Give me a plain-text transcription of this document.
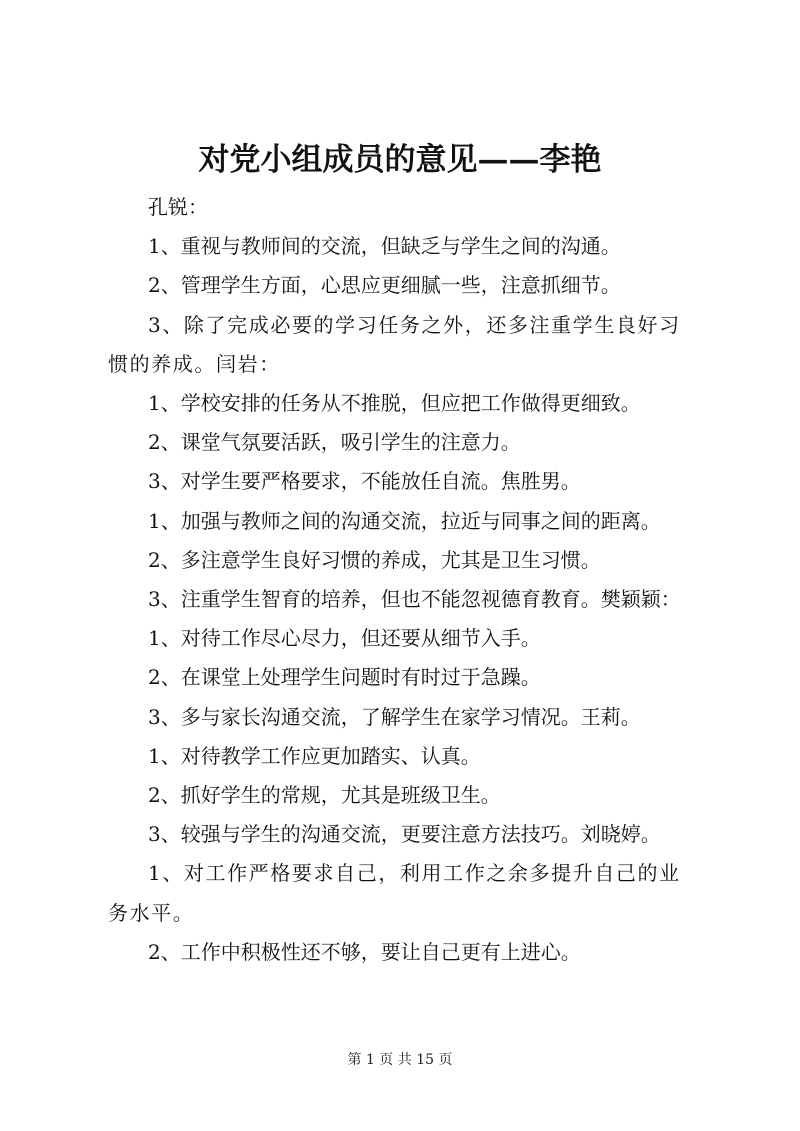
对党小组成员的意见——李艳

孔锐：

1、重视与教师间的交流，但缺乏与学生之间的沟通。

2、管理学生方面，心思应更细腻一些，注意抓细节。

3、除了完成必要的学习任务之外，还多注重学生良好习惯的养成。闫岩：

1、学校安排的任务从不推脱，但应把工作做得更细致。

2、课堂气氛要活跃，吸引学生的注意力。

3、对学生要严格要求，不能放任自流。焦胜男。

1、加强与教师之间的沟通交流，拉近与同事之间的距离。

2、多注意学生良好习惯的养成，尤其是卫生习惯。

3、注重学生智育的培养，但也不能忽视德育教育。樊颖颖：

1、对待工作尽心尽力，但还要从细节入手。

2、在课堂上处理学生问题时有时过于急躁。

3、多与家长沟通交流，了解学生在家学习情况。王莉。

1、对待教学工作应更加踏实、认真。

2、抓好学生的常规，尤其是班级卫生。

3、较强与学生的沟通交流，更要注意方法技巧。刘晓婷。

1、对工作严格要求自己，利用工作之余多提升自己的业务水平。

2、工作中积极性还不够，要让自己更有上进心。

第 1 页 共 15 页
